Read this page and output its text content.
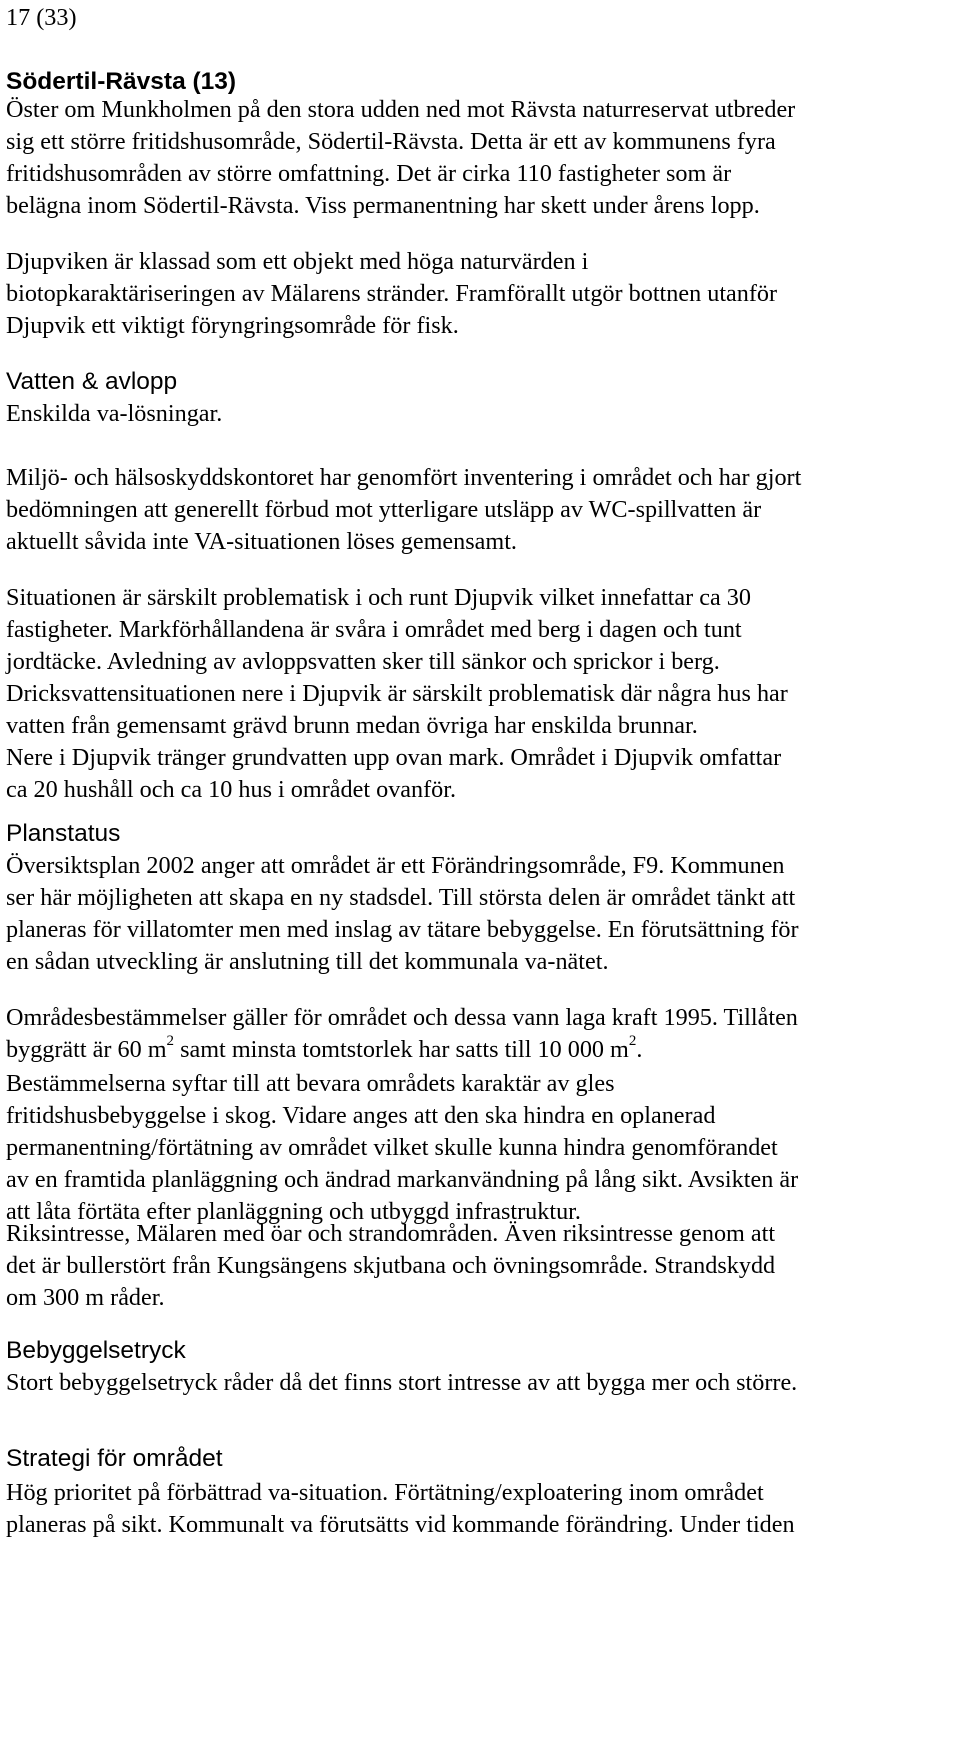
17 (33)

Södertil-Rävsta (13)

Öster om Munkholmen på den stora udden ned mot Rävsta naturreservat utbreder
sig ett större fritidshusområde, Södertil-Rävsta. Detta är ett av kommunens fyra
fritidshusområden av större omfattning. Det är cirka 110 fastigheter som är
belägna inom Södertil-Rävsta. Viss permanentning har skett under årens lopp.

Djupviken är klassad som ett objekt med höga naturvärden i
biotopkaraktäriseringen av Mälarens stränder. Framförallt utgör bottnen utanför
Djupvik ett viktigt föryngringsområde för fisk.

Vatten & avlopp

Enskilda va-lösningar.

Miljö- och hälsoskyddskontoret har genomfört inventering i området och har gjort
bedömningen att generellt förbud mot ytterligare utsläpp av WC-spillvatten är
aktuellt såvida inte VA-situationen löses gemensamt.

Situationen är särskilt problematisk i och runt Djupvik vilket innefattar ca 30
fastigheter. Markförhållandena är svåra i området med berg i dagen och tunt
jordtäcke. Avledning av avloppsvatten sker till sänkor och sprickor i berg.
Dricksvattensituationen nere i Djupvik är särskilt problematisk där några hus har
vatten från gemensamt grävd brunn medan övriga har enskilda brunnar.
Nere i Djupvik tränger grundvatten upp ovan mark. Området i Djupvik omfattar
ca 20 hushåll och ca 10 hus i området ovanför.

Planstatus

Översiktsplan 2002 anger att området är ett Förändringsområde, F9. Kommunen
ser här möjligheten att skapa en ny stadsdel. Till största delen är området tänkt att
planeras för villatomter men med inslag av tätare bebyggelse. En förutsättning för
en sådan utveckling är anslutning till det kommunala va-nätet.

Områdesbestämmelser gäller för området och dessa vann laga kraft 1995. Tillåten
byggrätt är 60 $m^2$ samt minsta tomtstorlek har satts till 10 000 $m^2$.
Bestämmelserna syftar till att bevara områdets karaktär av gles
fritidshusbebyggelse i skog. Vidare anges att den ska hindra en oplanerad
permanentning/förtätning av området vilket skulle kunna hindra genomförandet
av en framtida planläggning och ändrad markanvändning på lång sikt. Avsikten är
att låta förtäta efter planläggning och utbyggd infrastruktur.

Riksintresse, Mälaren med öar och strandområden. Även riksintresse genom att
det är bullerstört från Kungsängens skjutbana och övningsområde. Strandskydd
om 300 m råder.

Bebyggelsetryck

Stort bebyggelsetryck råder då det finns stort intresse av att bygga mer och större.

Strategi för området

Hög prioritet på förbättrad va-situation. Förtätning/exploatering inom området
planeras på sikt. Kommunalt va förutsätts vid kommande förändring. Under tiden
